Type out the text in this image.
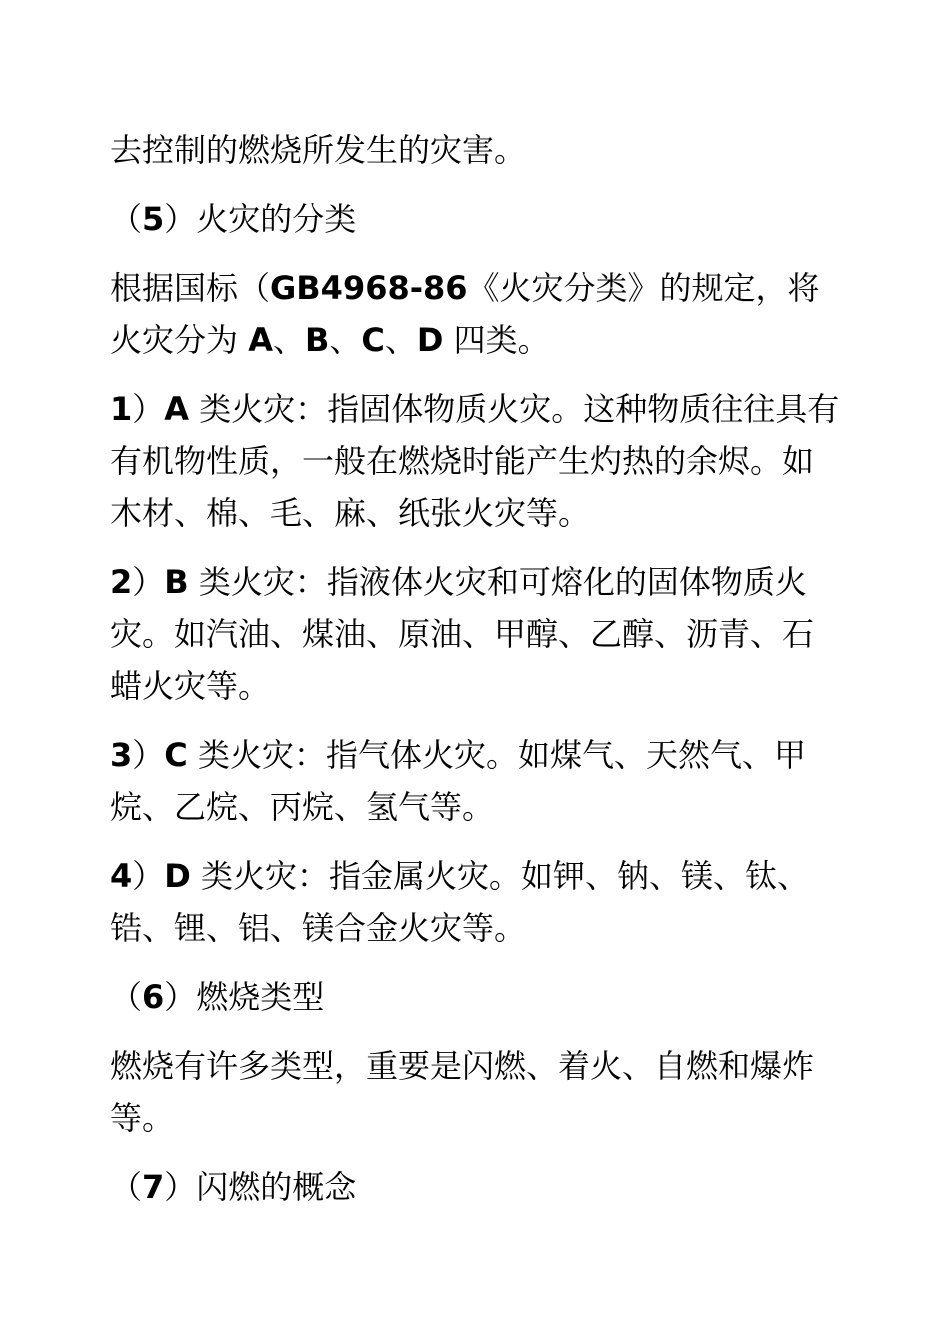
去控制的燃烧所发生的灾害。

（5）火灾的分类

根据国标（GB4968-86《火灾分类》的规定，将火灾分为 A、B、C、D 四类。

1）A 类火灾：指固体物质火灾。这种物质往往具有有机物性质，一般在燃烧时能产生灼热的余烬。如木材、棉、毛、麻、纸张火灾等。

2）B 类火灾：指液体火灾和可熔化的固体物质火灾。如汽油、煤油、原油、甲醇、乙醇、沥青、石蜡火灾等。

3）C 类火灾：指气体火灾。如煤气、天然气、甲烷、乙烷、丙烷、氢气等。

4）D 类火灾：指金属火灾。如钾、钠、镁、钛、锆、锂、铝、镁合金火灾等。

（6）燃烧类型

燃烧有许多类型，重要是闪燃、着火、自燃和爆炸等。

（7）闪燃的概念
